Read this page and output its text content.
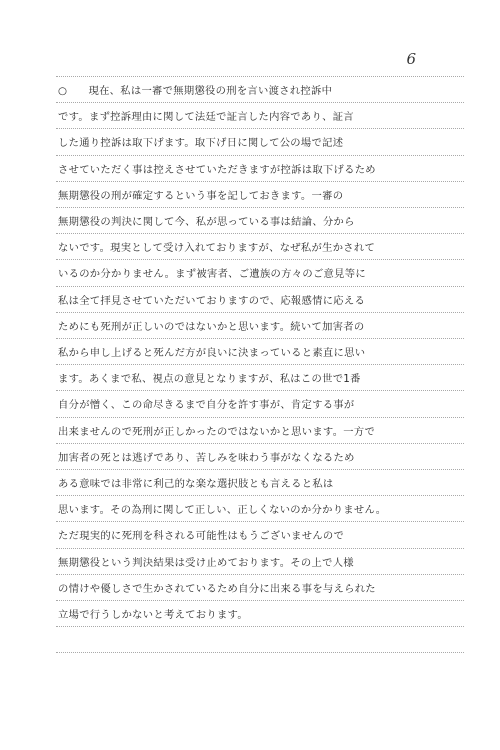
6
○　　現在、私は一審で無期懲役の刑を言い渡され控訴中
です。まず控訴理由に関して法廷で証言した内容であり、証言
した通り控訴は取下げます。取下げ日に関して公の場で記述
させていただく事は控えさせていただきますが控訴は取下げるため
無期懲役の刑が確定するという事を記しておきます。一審の
無期懲役の判決に関して今、私が思っている事は結論、分から
ないです。現実として受け入れておりますが、なぜ私が生かされて
いるのか分かりません。まず被害者、ご遺族の方々のご意見等に
私は全て拝見させていただいておりますので、応報感情に応える
ためにも死刑が正しいのではないかと思います。続いて加害者の
私から申し上げると死んだ方が良いに決まっていると素直に思い
ます。あくまで私、視点の意見となりますが、私はこの世で1番
自分が憎く、この命尽きるまで自分を許す事が、肯定する事が
出来ませんので死刑が正しかったのではないかと思います。一方で
加害者の死とは逃げであり、苦しみを味わう事がなくなるため
ある意味では非常に利己的な楽な選択肢とも言えると私は
思います。その為刑に関して正しい、正しくないのか分かりません。
ただ現実的に死刑を科される可能性はもうございませんので
無期懲役という判決結果は受け止めております。その上で人様
の情けや優しさで生かされているため自分に出来る事を与えられた
立場で行うしかないと考えております。
